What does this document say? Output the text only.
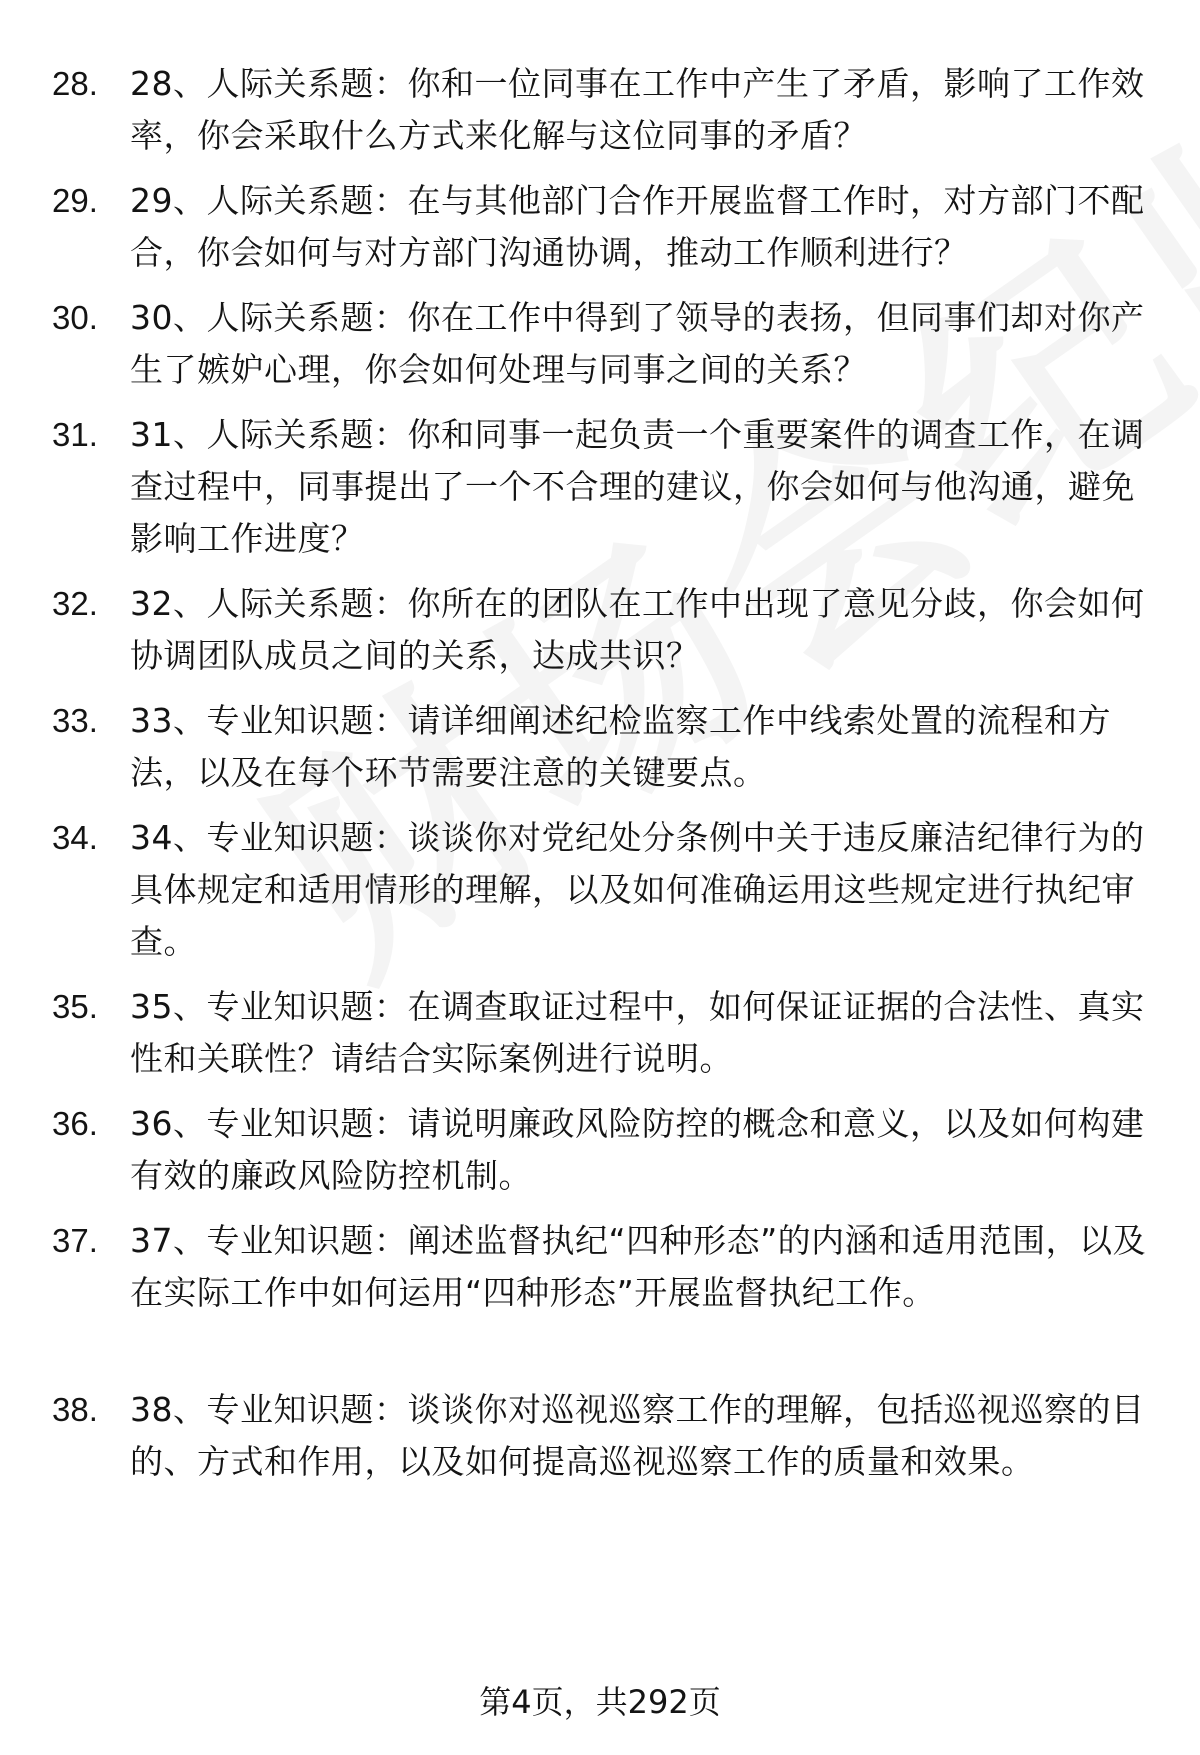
28. 28、人际关系题：你和一位同事在工作中产生了矛盾，影响了工作效率，你会采取什么方式来化解与这位同事的矛盾？
29. 29、人际关系题：在与其他部门合作开展监督工作时，对方部门不配合，你会如何与对方部门沟通协调，推动工作顺利进行？
30. 30、人际关系题：你在工作中得到了领导的表扬，但同事们却对你产生了嫉妒心理，你会如何处理与同事之间的关系？
31. 31、人际关系题：你和同事一起负责一个重要案件的调查工作，在调查过程中，同事提出了一个不合理的建议，你会如何与他沟通，避免影响工作进度？
32. 32、人际关系题：你所在的团队在工作中出现了意见分歧，你会如何协调团队成员之间的关系，达成共识？
33. 33、专业知识题：请详细阐述纪检监察工作中线索处置的流程和方法，以及在每个环节需要注意的关键要点。
34. 34、专业知识题：谈谈你对党纪处分条例中关于违反廉洁纪律行为的具体规定和适用情形的理解，以及如何准确运用这些规定进行执纪审查。
35. 35、专业知识题：在调查取证过程中，如何保证证据的合法性、真实性和关联性？请结合实际案例进行说明。
36. 36、专业知识题：请说明廉政风险防控的概念和意义，以及如何构建有效的廉政风险防控机制。
37. 37、专业知识题：阐述监督执纪“四种形态”的内涵和适用范围，以及在实际工作中如何运用“四种形态”开展监督执纪工作。
38. 38、专业知识题：谈谈你对巡视巡察工作的理解，包括巡视巡察的目的、方式和作用，以及如何提高巡视巡察工作的质量和效果。
第4页，共292页
